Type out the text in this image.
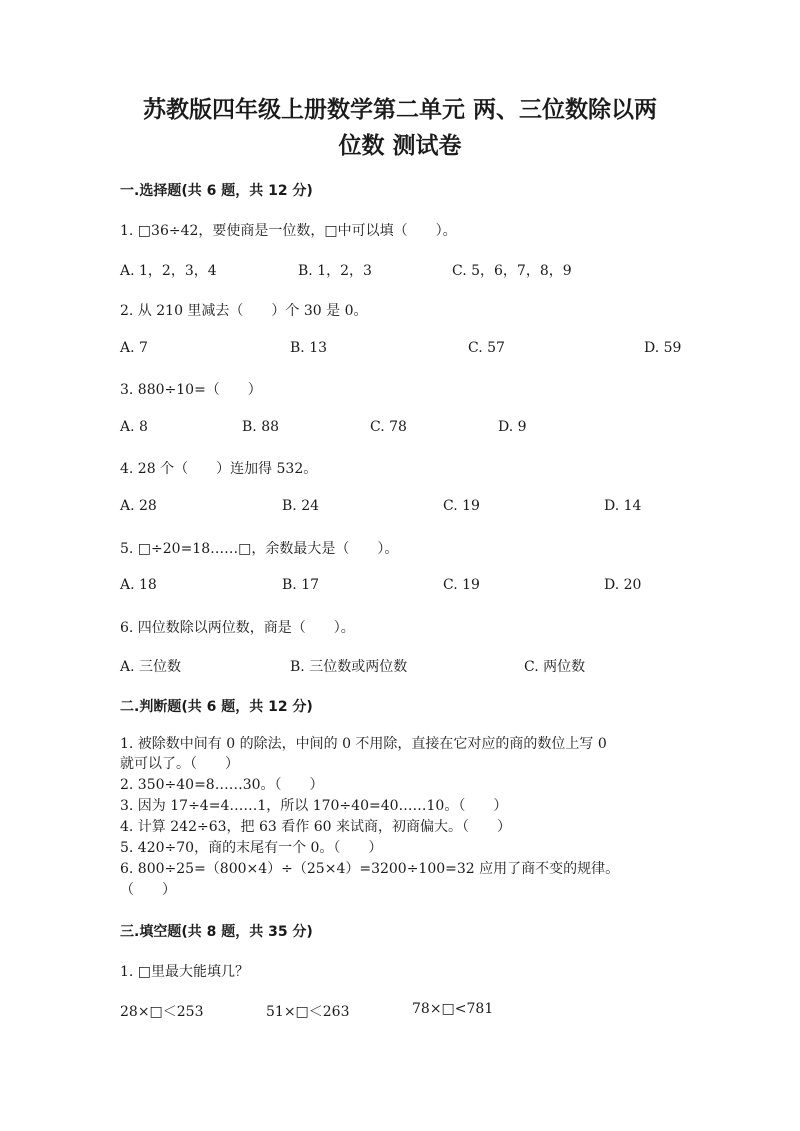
苏教版四年级上册数学第二单元 两、三位数除以两
位数 测试卷
一.选择题(共 6 题，共 12 分)
1. □36÷42，要使商是一位数，□中可以填（　　）。
A. 1，2，3，4	B. 1，2，3	C. 5，6，7，8，9
2. 从 210 里减去（　　）个 30 是 0。
A. 7	B. 13	C. 57	D. 59
3. 880÷10=（　　）
A. 8	B. 88	C. 78	D. 9
4. 28 个（　　）连加得 532。
A. 28	B. 24	C. 19	D. 14
5. □÷20=18……□，余数最大是（　　）。
A. 18	B. 17	C. 19	D. 20
6. 四位数除以两位数，商是（　　）。
A. 三位数	B. 三位数或两位数	C. 两位数
二.判断题(共 6 题，共 12 分)
1. 被除数中间有 0 的除法，中间的 0 不用除，直接在它对应的商的数位上写 0
就可以了。（　　）
2. 350÷40=8……30。（　　）
3. 因为 17÷4=4……1，所以 170÷40=40……10。（　　）
4. 计算 242÷63，把 63 看作 60 来试商，初商偏大。（　　）
5. 420÷70，商的末尾有一个 0。（　　）
6. 800÷25=（800×4）÷（25×4）=3200÷100=32 应用了商不变的规律。
（　　）
三.填空题(共 8 题，共 35 分)
1. □里最大能填几？
28×□＜253	51×□＜263	78×□<781
